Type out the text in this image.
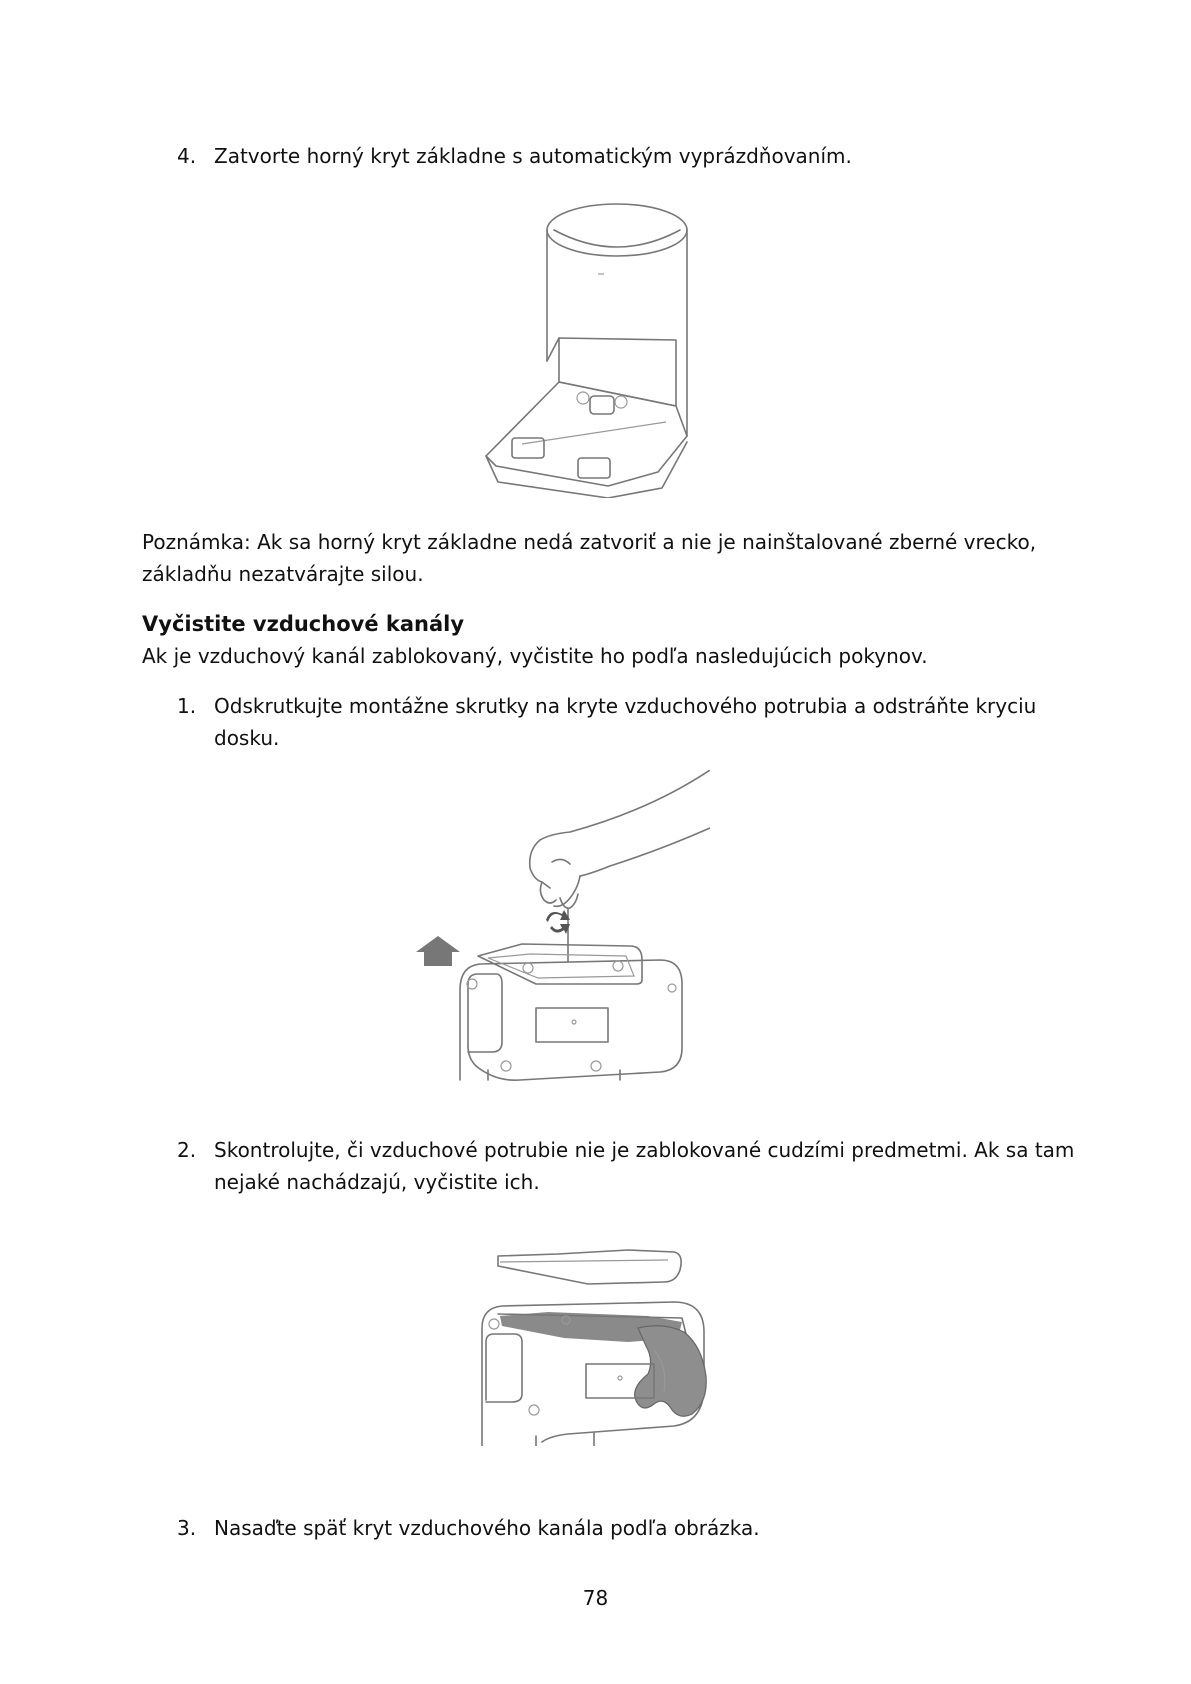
4. Zatvorte horný kryt základne s automatickým vyprázdňovaním.
Poznámka: Ak sa horný kryt základne nedá zatvoriť a nie je nainštalované zberné vrecko,
základňu nezatvárajte silou.
Vyčistite vzduchové kanály
Ak je vzduchový kanál zablokovaný, vyčistite ho podľa nasledujúcich pokynov.
1. Odskrutkujte montážne skrutky na kryte vzduchového potrubia a odstráňte kryciu
dosku.
2. Skontrolujte, či vzduchové potrubie nie je zablokované cudzími predmetmi. Ak sa tam
nejaké nachádzajú, vyčistite ich.
3. Nasaďte späť kryt vzduchového kanála podľa obrázka.
78
